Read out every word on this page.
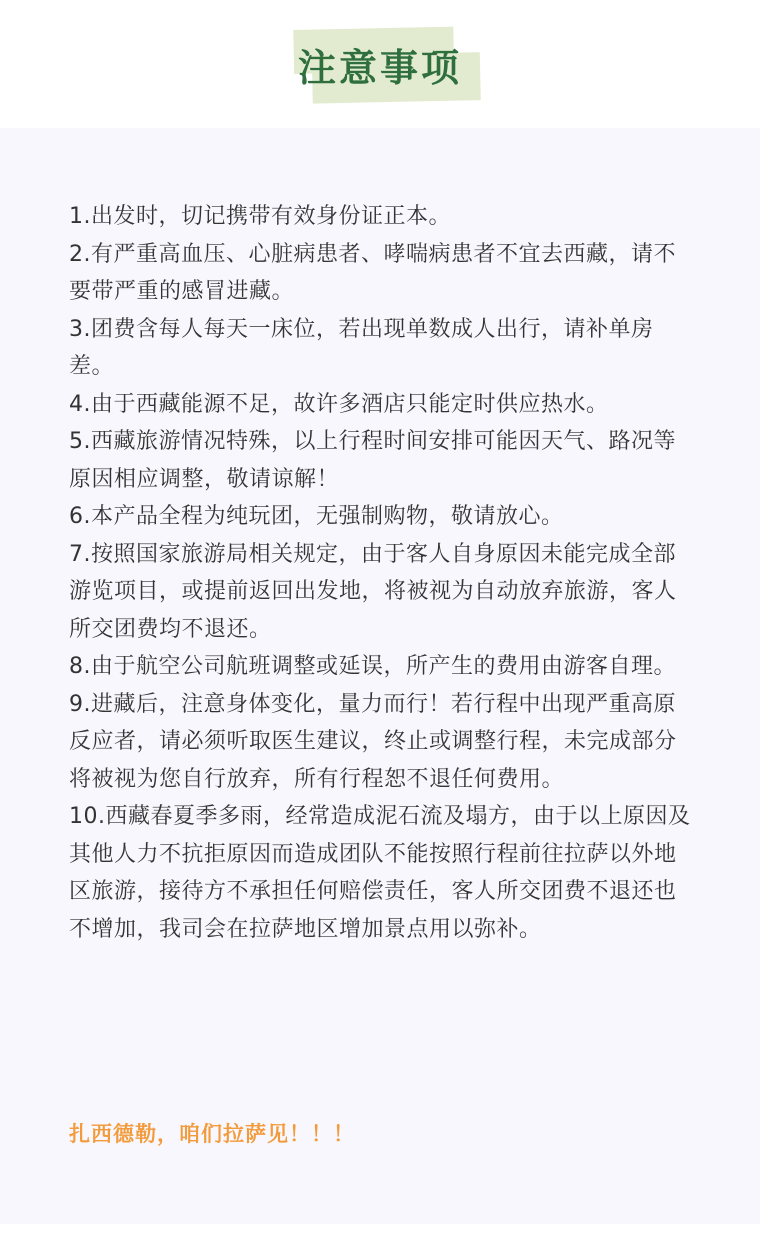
注意事项
1.出发时，切记携带有效身份证正本。
2.有严重高血压、心脏病患者、哮喘病患者不宜去西藏，请不要带严重的感冒进藏。
3.团费含每人每天一床位，若出现单数成人出行，请补单房差。
4.由于西藏能源不足，故许多酒店只能定时供应热水。
5.西藏旅游情况特殊，以上行程时间安排可能因天气、路况等原因相应调整，敬请谅解！
6.本产品全程为纯玩团，无强制购物，敬请放心。
7.按照国家旅游局相关规定，由于客人自身原因未能完成全部游览项目，或提前返回出发地，将被视为自动放弃旅游，客人所交团费均不退还。
8.由于航空公司航班调整或延误，所产生的费用由游客自理。
9.进藏后，注意身体变化，量力而行！若行程中出现严重高原反应者，请必须听取医生建议，终止或调整行程，未完成部分将被视为您自行放弃，所有行程恕不退任何费用。
10.西藏春夏季多雨，经常造成泥石流及塌方，由于以上原因及其他人力不抗拒原因而造成团队不能按照行程前往拉萨以外地区旅游，接待方不承担任何赔偿责任，客人所交团费不退还也不增加，我司会在拉萨地区增加景点用以弥补。
扎西德勒，咱们拉萨见！！！
